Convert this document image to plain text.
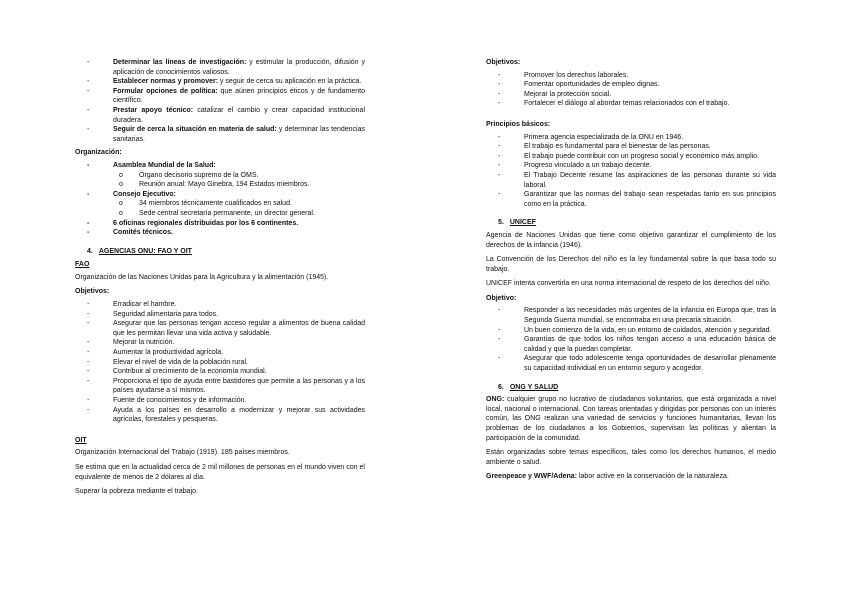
- Determinar las líneas de investigación: y estimular la producción, difusión y aplicación de conocimientos valiosos.
- Establecer normas y promover: y seguir de cerca su aplicación en la práctica.
- Formular opciones de política: que aúnen principios éticos y de fundamento científico.
- Prestar apoyo técnico: catalizar el cambio y crear capacidad institucional duradera.
- Seguir de cerca la situación en materia de salud: y determinar las tendencias sanitarias.
Organización:
- Asamblea Mundial de la Salud:
o Órgano decisorio supremo de la OMS.
o Reunión anual: Mayo Ginebra, 194 Estados miembros.
- Consejo Ejecutivo:
o 34 miembros técnicamente cualificados en salud.
o Sede central secretaría permanente, un director general.
- 6 oficinas regionales distribuidas por los 6 continentes.
- Comités técnicos.
4. AGENCIAS ONU: FAO Y OIT
FAO

Organización de las Naciones Unidas para la Agricultura y la alimentación (1945).

Objetivos:
- Erradicar el hambre.
- Seguridad alimentaria para todos.
- Asegurar que las personas tengan acceso regular a alimentos de buena calidad que les permitan llevar una vida activa y saludable.
- Mejorar la nutrición.
- Aumentar la productividad agrícola.
- Elevar el nivel de vida de la población rural.
- Contribuir al crecimiento de la economía mundial.
- Proporciona el tipo de ayuda entre bastidores que permite a las personas y a los países ayudarse a sí mismos.
- Fuente de conocimientos y de información.
- Ayuda a los países en desarrollo a modernizar y mejorar sus actividades agrícolas, forestales y pesqueras.
OIT

Organización Internacional del Trabajo (1919). 185 países miembros.

Se estima que en la actualidad cerca de 2 mil millones de personas en el mundo viven con el equivalente de menos de 2 dólares al día.

Superar la pobreza mediante el trabajo.

Objetivos:
- Promover los derechos laborales.
- Fomentar oportunidades de empleo dignas.
- Mejorar la protección social.
- Fortalecer el diálogo al abordar temas relacionados con el trabajo.
Principios básicos:
- Primera agencia especializada de la ONU en 1946.
- El trabajo es fundamental para el bienestar de las personas.
- El trabajo puede contribuir con un progreso social y económico más amplio.
- Progreso vinculado a un trabajo decente.
- El Trabajo Decente resume las aspiraciones de las personas durante su vida laboral.
- Garantizar que las normas del trabajo sean respetadas tanto en sus principios como en la práctica.
5. UNICEF

Agencia de Naciones Unidas que tiene como objetivo garantizar el cumplimiento de los derechos de la infancia (1946).

La Convención de los Derechos del niño es la ley fundamental sobre la que basa todo su trabajo.

UNICEF intenta convertirla en una norma internacional de respeto de los derechos del niño.

Objetivo:
- Responder a las necesidades más urgentes de la infancia en Europa que, tras la Segunda Guerra mundial, se encontraba en una precaria situación.
- Un buen comienzo de la vida, en un entorno de cuidados, atención y seguridad.
- Garantías de que todos los niños tengan acceso a una educación básica de calidad y que la puedan completar.
- Asegurar que todo adolescente tenga oportunidades de desarrollar plenamente su capacidad individual en un entorno seguro y acogedor.
6. ONG Y SALUD

ONG: cualquier grupo no lucrativo de ciudadanos voluntarios, que está organizada a nivel local, nacional o internacional. Con tareas orientadas y dirigidas por personas con un interés común, las ONG realizan una variedad de servicios y funciones humanitarias, llevan los problemas de los ciudadanos a los Gobiernos, supervisan las políticas y alientan la participación de la comunidad.

Están organizadas sobre temas específicos, tales como los derechos humanos, el medio ambiente o salud.

Greenpeace y WWF/Adena: labor active en la conservación de la naturaleza.
